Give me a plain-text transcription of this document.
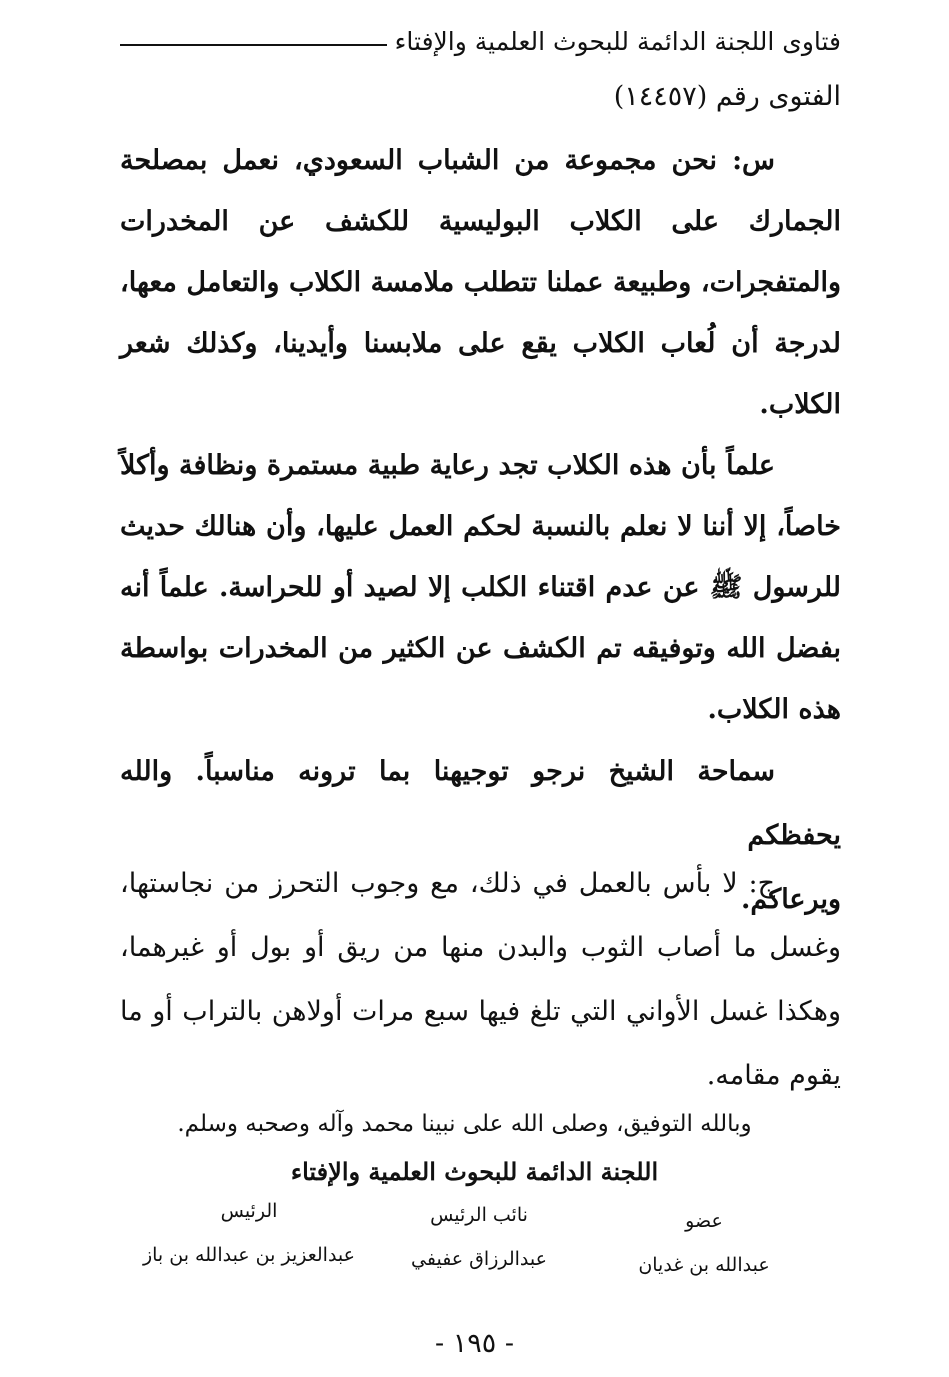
فتاوى اللجنة الدائمة للبحوث العلمية والإفتاء
الفتوى رقم (١٤٤٥٧)

س: نحن مجموعة من الشباب السعودي، نعمل بمصلحة الجمارك على الكلاب البوليسية للكشف عن المخدرات والمتفجرات، وطبيعة عملنا تتطلب ملامسة الكلاب والتعامل معها، لدرجة أن لُعاب الكلاب يقع على ملابسنا وأيدينا، وكذلك شعر الكلاب.

علماً بأن هذه الكلاب تجد رعاية طبية مستمرة ونظافة وأكلاً خاصاً، إلا أننا لا نعلم بالنسبة لحكم العمل عليها، وأن هنالك حديث للرسول ﷺ عن عدم اقتناء الكلب إلا لصيد أو للحراسة. علماً أنه بفضل الله وتوفيقه تم الكشف عن الكثير من المخدرات بواسطة هذه الكلاب.

سماحة الشيخ نرجو توجيهنا بما ترونه مناسباً. والله يحفظكم

ويرعاكم.

ج: لا بأس بالعمل في ذلك، مع وجوب التحرز من نجاستها، وغسل ما أصاب الثوب والبدن منها من ريق أو بول أو غيرهما، وهكذا غسل الأواني التي تلغ فيها سبع مرات أولاهن بالتراب أو ما يقوم مقامه.

وبالله التوفيق، وصلى الله على نبينا محمد وآله وصحبه وسلم.
اللجنة الدائمة للبحوث العلمية والإفتاء
عضو
عبدالله بن غديان
نائب الرئيس
عبدالرزاق عفيفي
الرئيس
عبدالعزيز بن عبدالله بن باز
- ١٩٥ -
